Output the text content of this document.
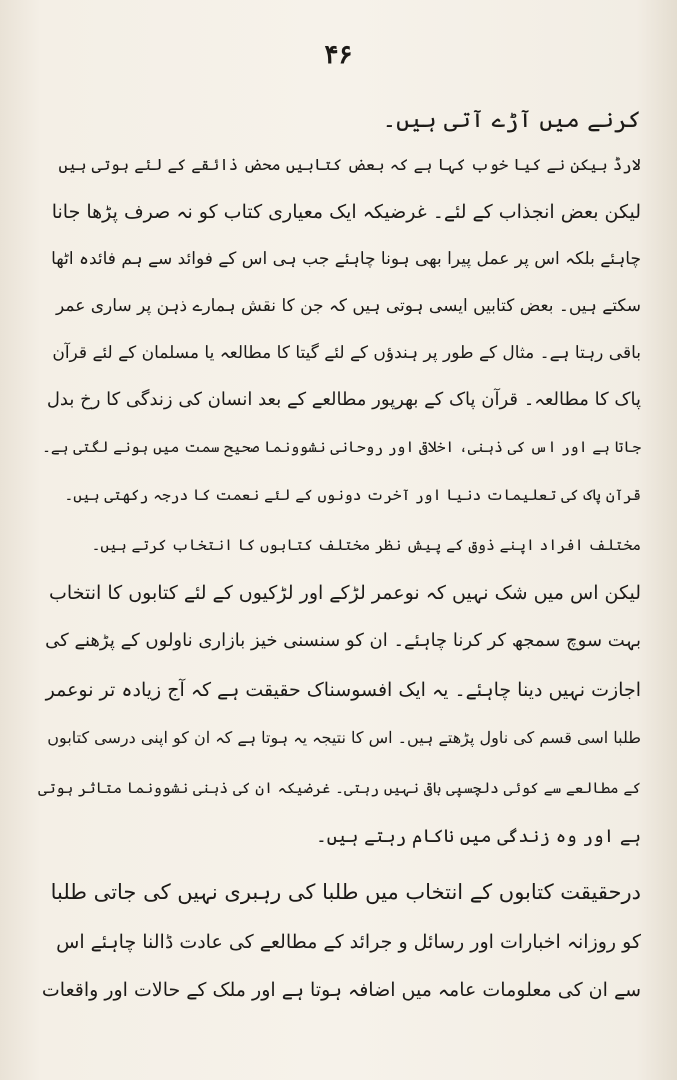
۴۶
کرنے میں آڑے آتی ہیں۔
لارڈ بیکن نے کیا خوب کہا ہے کہ بعض کتابیں محض ذائقے کے لئے ہوتی ہیں
لیکن بعض انجذاب کے لئے۔ غرضیکہ ایک معیاری کتاب کو نہ صرف پڑھا جانا
چاہئے بلکہ اس پر عمل پیرا بھی ہونا چاہئے جب ہی اس کے فوائد سے ہم فائدہ اٹھا
سکتے ہیں۔ بعض کتابیں ایسی ہوتی ہیں کہ جن کا نقش ہمارے ذہن پر ساری عمر
باقی رہتا ہے۔ مثال کے طور پر ہندؤں کے لئے گیتا کا مطالعہ یا مسلمان کے لئے قرآن
پاک کا مطالعہ۔ قرآن پاک کے بھرپور مطالعے کے بعد انسان کی زندگی کا رخ بدل
جاتا ہے اور اس کی ذہنی، اخلاقی اور روحانی نشوونما صحیح سمت میں ہونے لگتی ہے۔
قرآن پاک کی تعلیمات دنیا اور آخرت دونوں کے لئے نعمت کا درجہ رکھتی ہیں۔
مختلف افراد اپنے ذوق کے پیش نظر مختلف کتابوں کا انتخاب کرتے ہیں۔
لیکن اس میں شک نہیں کہ نوعمر لڑکے اور لڑکیوں کے لئے کتابوں کا انتخاب
بہت سوچ سمجھ کر کرنا چاہئے۔ ان کو سنسنی خیز بازاری ناولوں کے پڑھنے کی
اجازت نہیں دینا چاہئے۔ یہ ایک افسوسناک حقیقت ہے کہ آج زیادہ تر نوعمر
طلبا اسی قسم کی ناول پڑھتے ہیں۔ اس کا نتیجہ یہ ہوتا ہے کہ ان کو اپنی درسی کتابوں
کے مطالعے سے کوئی دلچسپی باقی نہیں رہتی۔ غرضیکہ ان کی ذہنی نشوونما متاثر ہوتی
ہے اور وہ زندگی میں ناکام رہتے ہیں۔
درحقیقت کتابوں کے انتخاب میں طلبا کی رہبری نہیں کی جاتی طلبا
کو روزانہ اخبارات اور رسائل و جرائد کے مطالعے کی عادت ڈالنا چاہئے اس
سے ان کی معلومات عامہ میں اضافہ ہوتا ہے اور ملک کے حالات اور واقعات
